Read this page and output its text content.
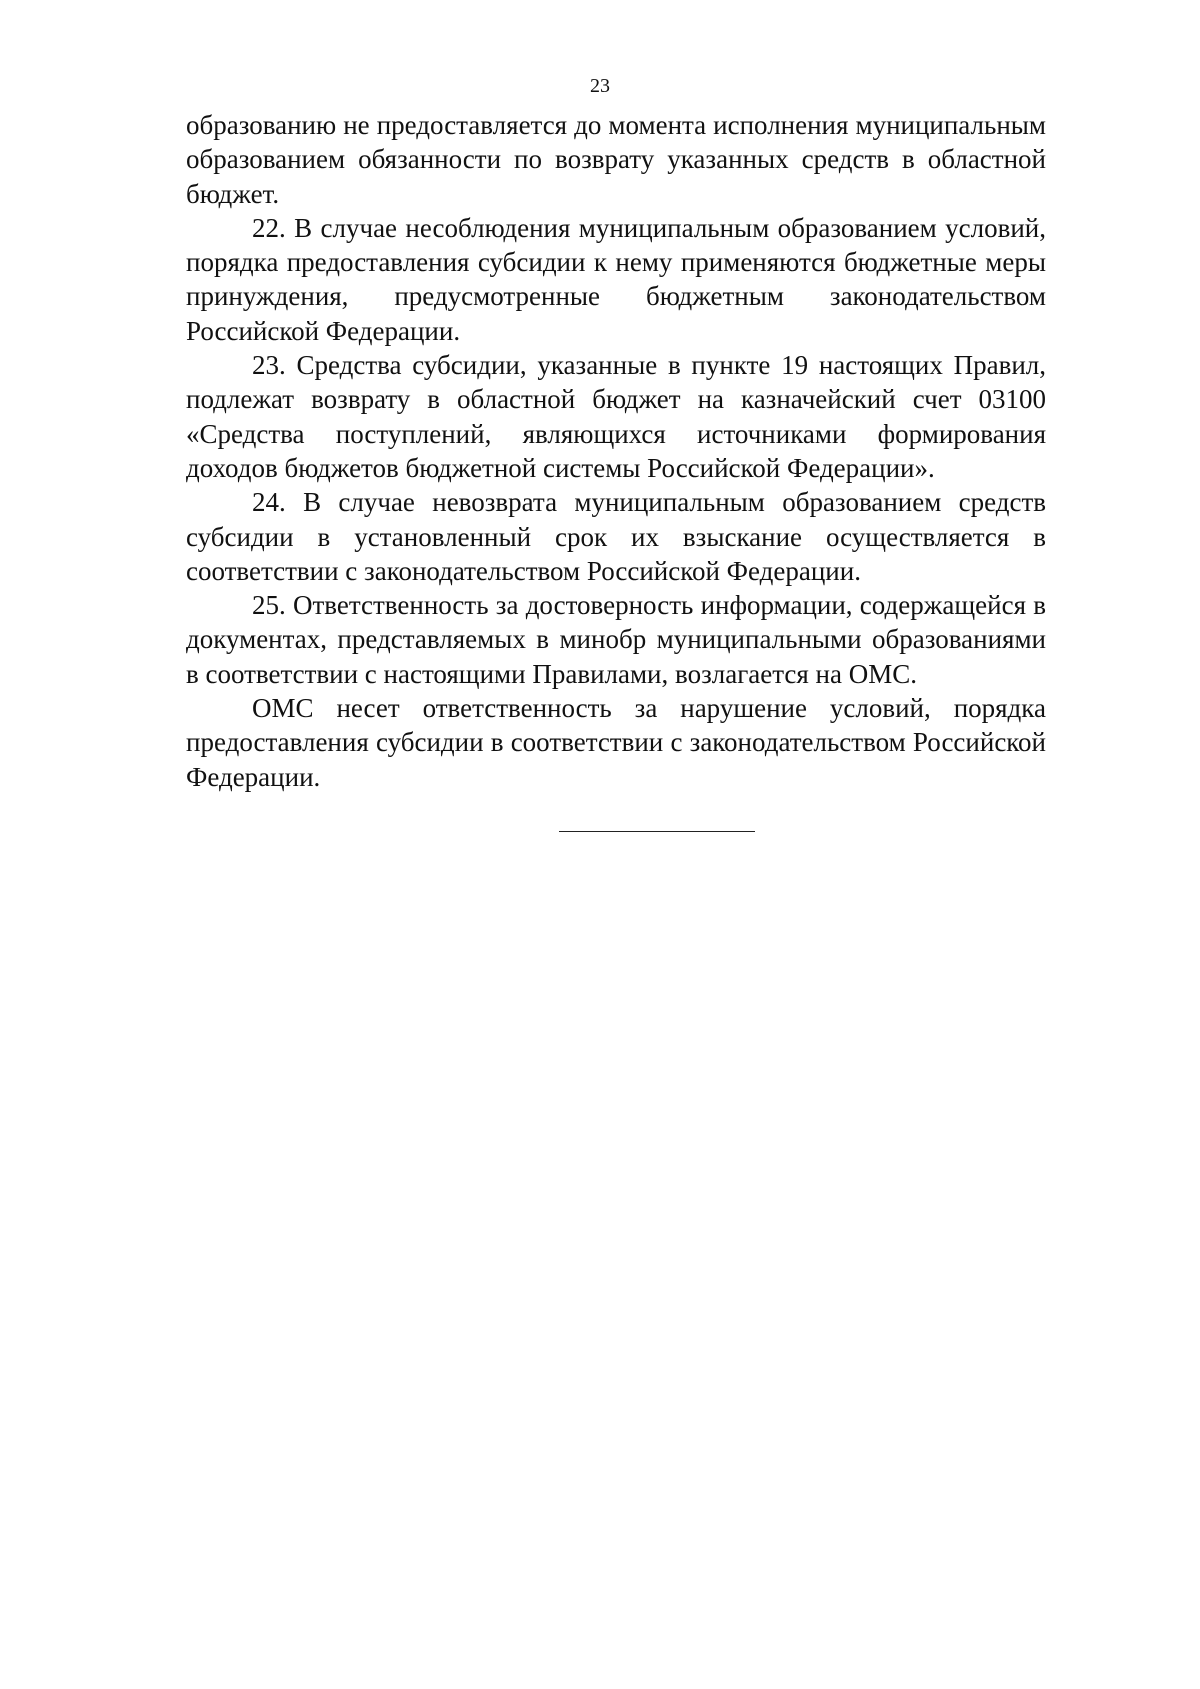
23

образованию не предоставляется до момента исполнения муниципальным образованием обязанности по возврату указанных средств в областной бюджет.

22. В случае несоблюдения муниципальным образованием условий, порядка предоставления субсидии к нему применяются бюджетные меры принуждения, предусмотренные бюджетным законодательством Российской Федерации.

23. Средства субсидии, указанные в пункте 19 настоящих Правил, подлежат возврату в областной бюджет на казначейский счет 03100 «Средства поступлений, являющихся источниками формирования доходов бюджетов бюджетной системы Российской Федерации».

24. В случае невозврата муниципальным образованием средств субсидии в установленный срок их взыскание осуществляется в соответствии с законодательством Российской Федерации.

25. Ответственность за достоверность информации, содержащейся в документах, представляемых в минобр муниципальными образованиями в соответствии с настоящими Правилами, возлагается на ОМС.

ОМС несет ответственность за нарушение условий, порядка предоставления субсидии в соответствии с законодательством Российской Федерации.
